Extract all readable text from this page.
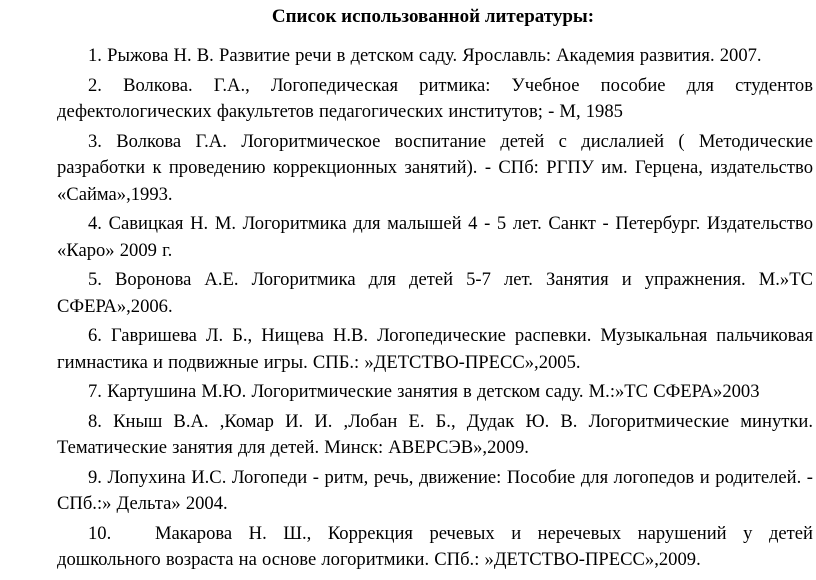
Список использованной литературы:
1. Рыжова Н. В. Развитие речи в детском саду. Ярославль: Академия развития. 2007.
2. Волкова. Г.А., Логопедическая ритмика: Учебное пособие для студентов дефектологических факультетов педагогических институтов; - М, 1985
3. Волкова Г.А. Логоритмическое воспитание детей с дислалией ( Методические разработки к проведению коррекционных занятий). - СПб: РГПУ им. Герцена, издательство «Сайма»,1993.
4. Савицкая Н. М. Логоритмика для малышей 4 - 5 лет. Санкт - Петербург. Издательство «Каро» 2009 г.
5. Воронова А.Е. Логоритмика для детей 5-7 лет. Занятия и упражнения. М.»ТС СФЕРА»,2006.
6. Гавришева Л. Б., Нищева Н.В. Логопедические распевки. Музыкальная пальчиковая гимнастика и подвижные игры. СПБ.: »ДЕТСТВО-ПРЕСС»,2005.
7. Картушина М.Ю. Логоритмические занятия в детском саду. М.:»ТС СФЕРА»2003
8. Кныш В.А. ,Комар И. И. ,Лобан Е. Б., Дудак Ю. В. Логоритмические минутки. Тематические занятия для детей. Минск: АВЕРСЭВ»,2009.
9. Лопухина И.С. Логопеди - ритм, речь, движение: Пособие для логопедов и родителей. - СПб.:» Дельта» 2004.
10. Макарова Н. Ш., Коррекция речевых и неречевых нарушений у детей дошкольного возраста на основе логоритмики. СПб.: »ДЕТСТВО-ПРЕСС»,2009.
